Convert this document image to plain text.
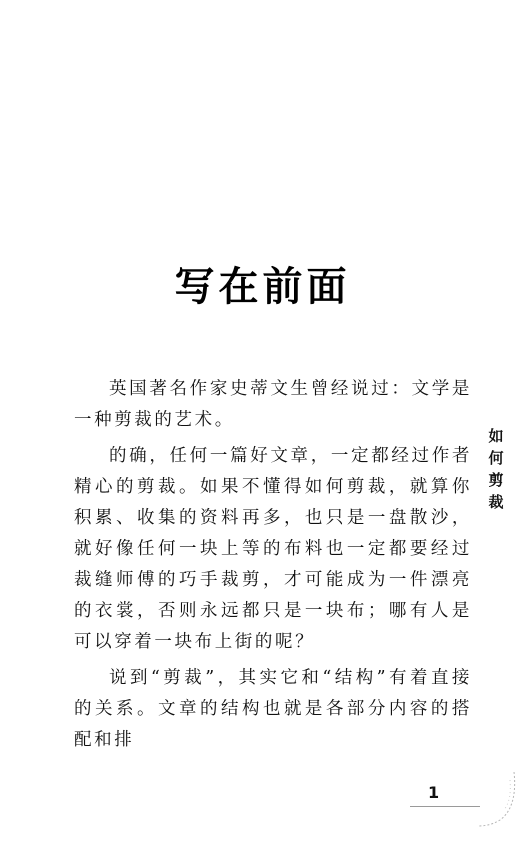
写在前面

英国著名作家史蒂文生曾经说过：文学是一种剪裁的艺术。

的确，任何一篇好文章，一定都经过作者精心的剪裁。如果不懂得如何剪裁，就算你积累、收集的资料再多，也只是一盘散沙，就好像任何一块上等的布料也一定都要经过裁缝师傅的巧手裁剪，才可能成为一件漂亮的衣裳，否则永远都只是一块布；哪有人是可以穿着一块布上街的呢？

说到“剪裁”，其实它和“结构”有着直接的关系。文章的结构也就是各部分内容的搭配和排

如
何
剪
裁
1
